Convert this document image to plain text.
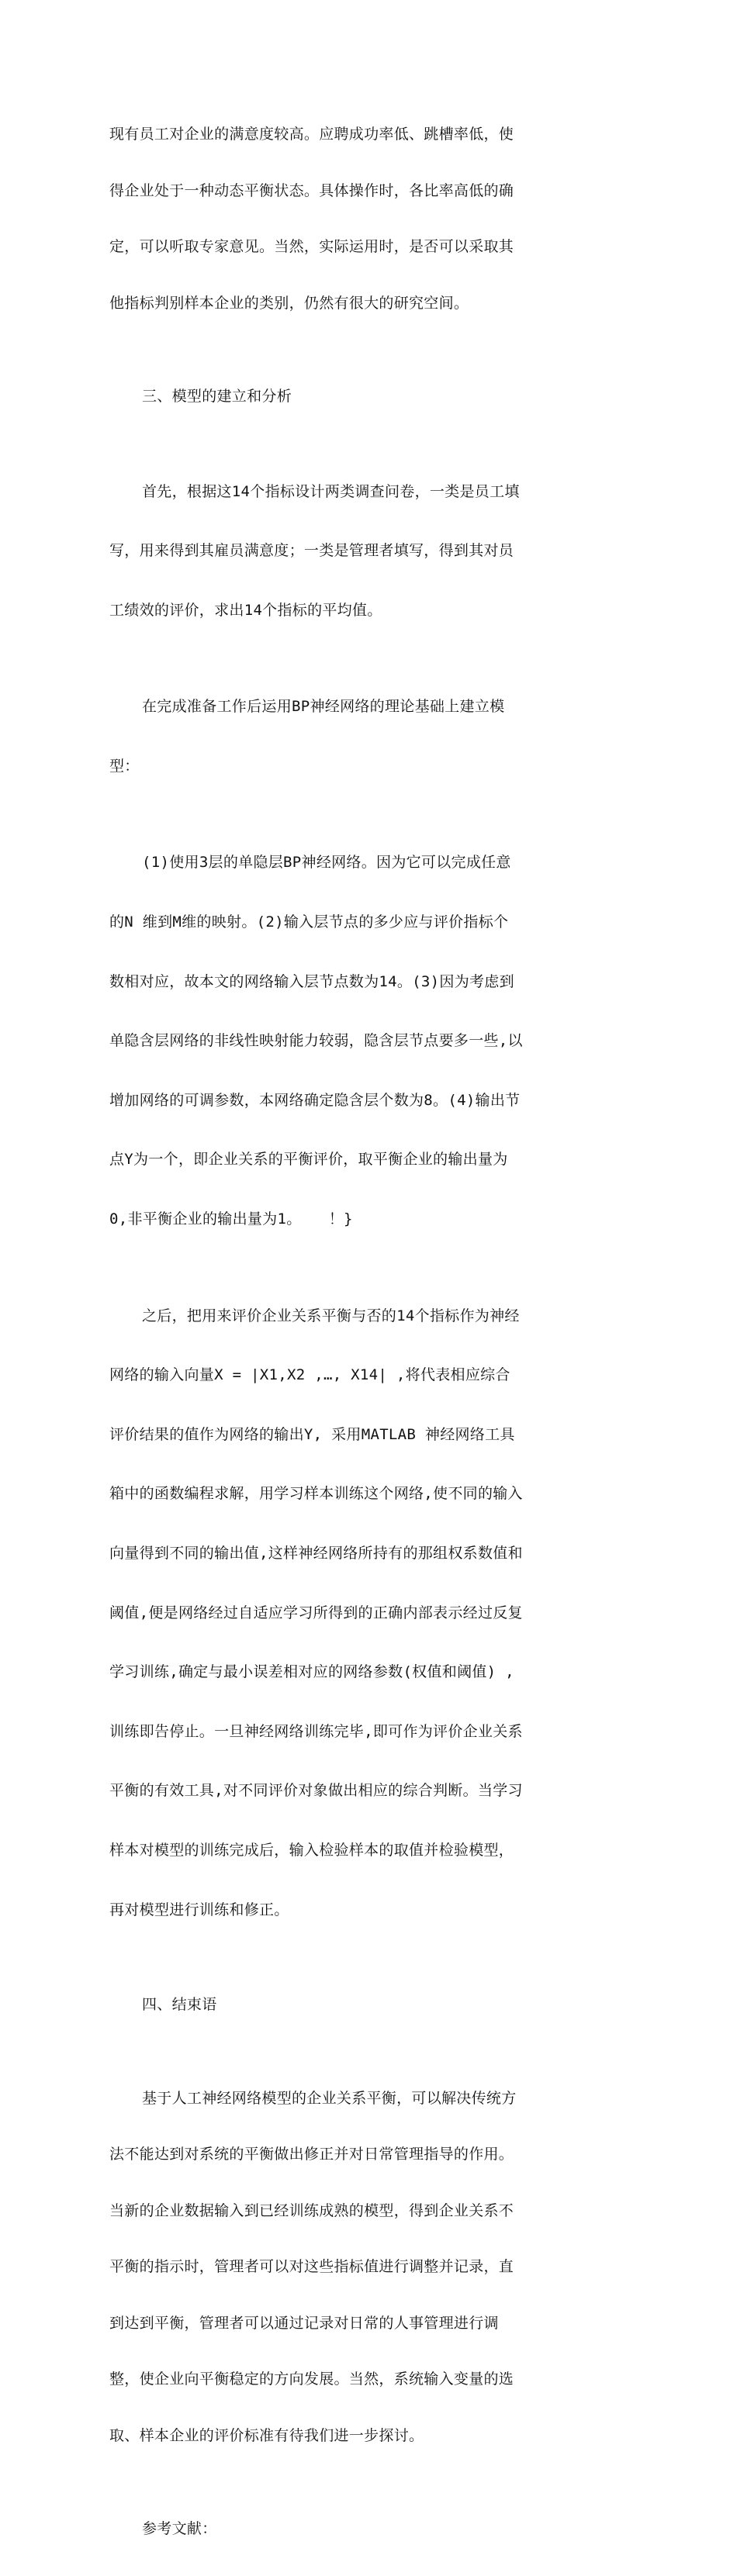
现有员工对企业的满意度较高。应聘成功率低、跳槽率低，使

得企业处于一种动态平衡状态。具体操作时，各比率高低的确

定，可以听取专家意见。当然，实际运用时，是否可以采取其

他指标判别样本企业的类别，仍然有很大的研究空间。

三、模型的建立和分析

首先，根据这14个指标设计两类调查问卷，一类是员工填

写，用来得到其雇员满意度；一类是管理者填写，得到其对员

工绩效的评价，求出14个指标的平均值。

在完成准备工作后运用BP神经网络的理论基础上建立模

型：

(1)使用3层的单隐层BP神经网络。因为它可以完成任意

的N 维到M维的映射。(2)输入层节点的多少应与评价指标个

数相对应，故本文的网络输入层节点数为14。(3)因为考虑到

单隐含层网络的非线性映射能力较弱，隐含层节点要多一些,以

增加网络的可调参数，本网络确定隐含层个数为8。(4)输出节

点Y为一个，即企业关系的平衡评价，取平衡企业的输出量为

0,非平衡企业的输出量为1。   ！}

之后，把用来评价企业关系平衡与否的14个指标作为神经

网络的输入向量X = |X1,X2 ,…, X14| ,将代表相应综合

评价结果的值作为网络的输出Y, 采用MATLAB 神经网络工具

箱中的函数编程求解，用学习样本训练这个网络,使不同的输入

向量得到不同的输出值,这样神经网络所持有的那组权系数值和

阈值,便是网络经过自适应学习所得到的正确内部表示经过反复

学习训练,确定与最小误差相对应的网络参数(权值和阈值) ,

训练即告停止。一旦神经网络训练完毕,即可作为评价企业关系

平衡的有效工具,对不同评价对象做出相应的综合判断。当学习

样本对模型的训练完成后，输入检验样本的取值并检验模型，

再对模型进行训练和修正。

四、结束语

基于人工神经网络模型的企业关系平衡，可以解决传统方

法不能达到对系统的平衡做出修正并对日常管理指导的作用。

当新的企业数据输入到已经训练成熟的模型，得到企业关系不

平衡的指示时，管理者可以对这些指标值进行调整并记录，直

到达到平衡，管理者可以通过记录对日常的人事管理进行调

整，使企业向平衡稳定的方向发展。当然，系统输入变量的选

取、样本企业的评价标准有待我们进一步探讨。

参考文献：
